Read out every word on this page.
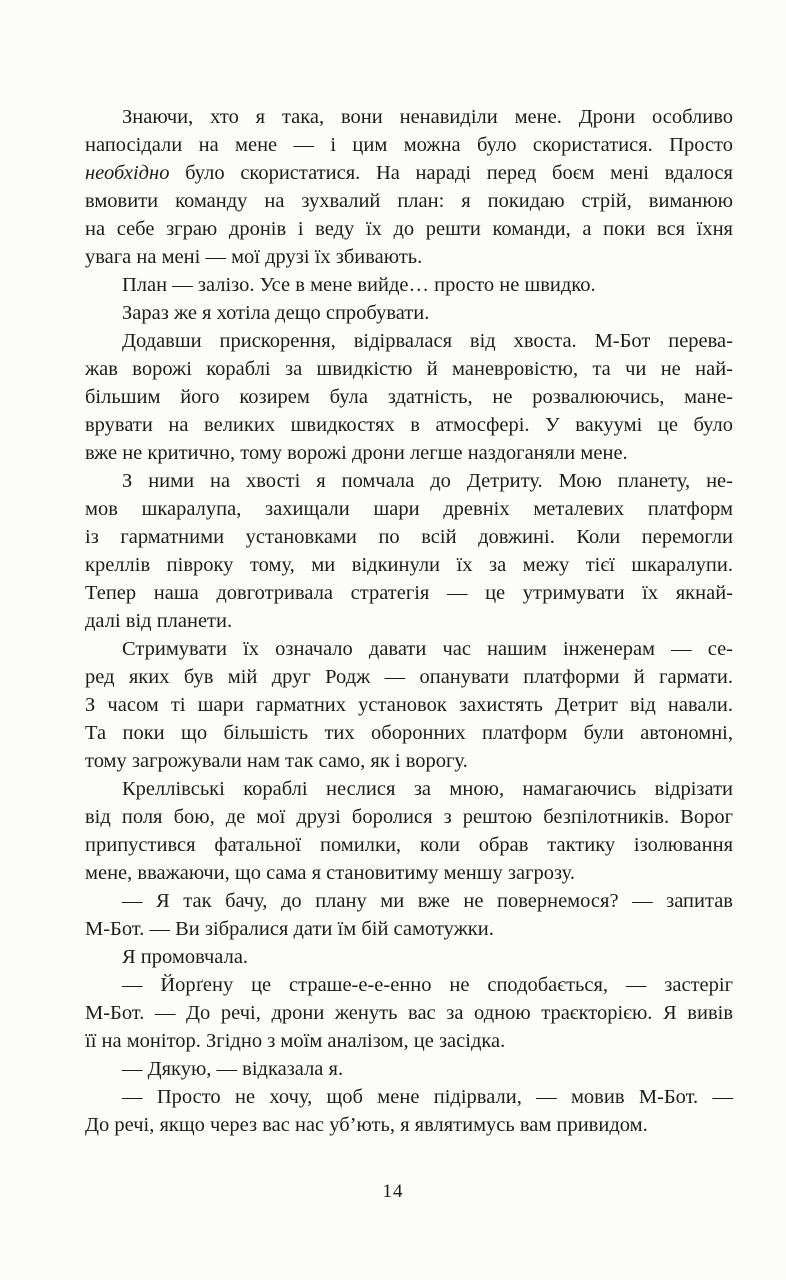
Знаючи, хто я така, вони ненавиділи мене. Дрони особливо
напосідали на мене — і цим можна було скористатися. Просто
необхідно було скористатися. На нараді перед боєм мені вдалося
вмовити команду на зухвалий план: я покидаю стрій, виманюю
на себе зграю дронів і веду їх до решти команди, а поки вся їхня
увага на мені — мої друзі їх збивають.

План — залізо. Усе в мене вийде… просто не швидко.

Зараз же я хотіла дещо спробувати.

Додавши прискорення, відірвалася від хвоста. М-Бот перева-
жав ворожі кораблі за швидкістю й маневровістю, та чи не най-
більшим його козирем була здатність, не розвалюючись, мане-
врувати на великих швидкостях в атмосфері. У вакуумі це було
вже не критично, тому ворожі дрони легше наздоганяли мене.

З ними на хвості я помчала до Детриту. Мою планету, не-
мов шкаралупа, захищали шари древніх металевих платформ
із гарматними установками по всій довжині. Коли перемогли
креллів півроку тому, ми відкинули їх за межу тієї шкаралупи.
Тепер наша довготривала стратегія — це утримувати їх якнай-
далі від планети.

Стримувати їх означало давати час нашим інженерам — се-
ред яких був мій друг Родж — опанувати платформи й гармати.
З часом ті шари гарматних установок захистять Детрит від навали.
Та поки що більшість тих оборонних платформ були автономні,
тому загрожували нам так само, як і ворогу.

Креллівські кораблі неслися за мною, намагаючись відрізати
від поля бою, де мої друзі боролися з рештою безпілотників. Ворог
припустився фатальної помилки, коли обрав тактику ізолювання
мене, вважаючи, що сама я становитиму меншу загрозу.

— Я так бачу, до плану ми вже не повернемося? — запитав
М-Бот. — Ви зібралися дати їм бій самотужки.

Я промовчала.

— Йорґену це страше-е-е-енно не сподобається, — застеріг
М-Бот. — До речі, дрони женуть вас за одною траєкторією. Я вивів
її на монітор. Згідно з моїм аналізом, це засідка.

— Дякую, — відказала я.

— Просто не хочу, щоб мене підірвали, — мовив М-Бот. —
До речі, якщо через вас нас уб’ють, я являтимусь вам привидом.

14
